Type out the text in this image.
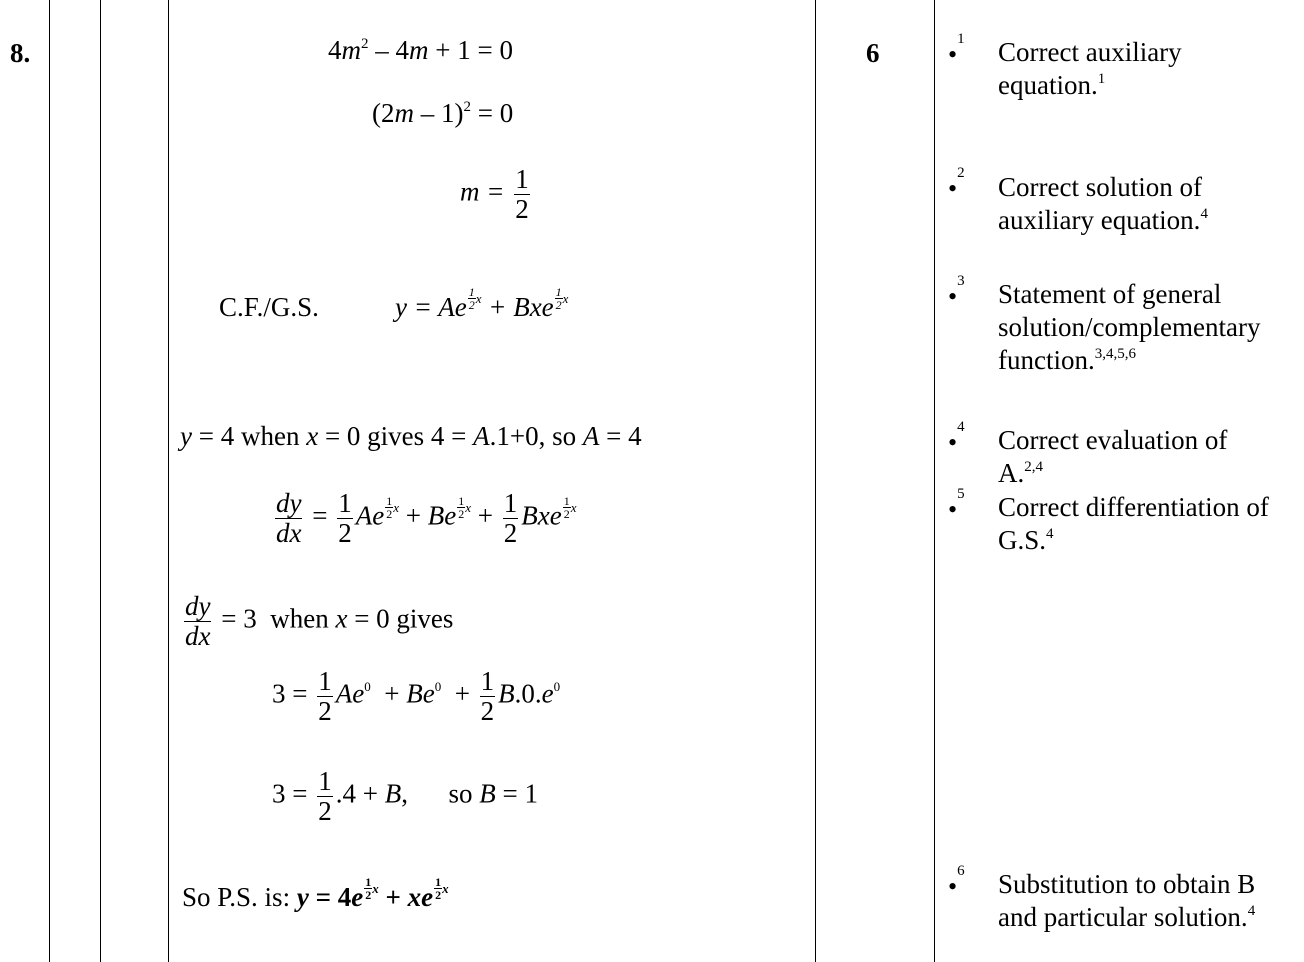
8.	6
$4m^2 - 4m + 1 = 0$
(2m – 1)$^2$ = 0
$m = \frac{1}{2}$
C.F./G.S.	y = Ae 1
2 x + Bxe 1
2 x
y = 4 when x = 0 gives 4 = A.1+0, so A = 4
$\frac{dy}{dx} = \frac{1}{2}$ Ae 1
2 x + Be 1
2 $x + \frac{1}{2}$ Bxe 1
2 x
$\frac{dy}{dx} = 3$  when x = 0 gives
$3 = \frac{1}{2} Ae^0 + Be^0 + \frac{1}{2} B.0.e^0$
$3 = \frac{1}{2} .4 + B$,      so B = 1
So P.S. is: y = 4e 1
2 x + xe 1
2 x
•$^1$ Correct auxiliary equation.$^1$
•$^2$ Correct solution of auxiliary equation.$^4$
•$^3$ Statement of general solution/complementary function.$^{3,4,5,6}$
•$^4$ Correct evaluation of A.$^{2,4}$
•$^5$ Correct differentiation of G.S.$^4$
•$^6$ Substitution to obtain B and particular solution.$^4$
